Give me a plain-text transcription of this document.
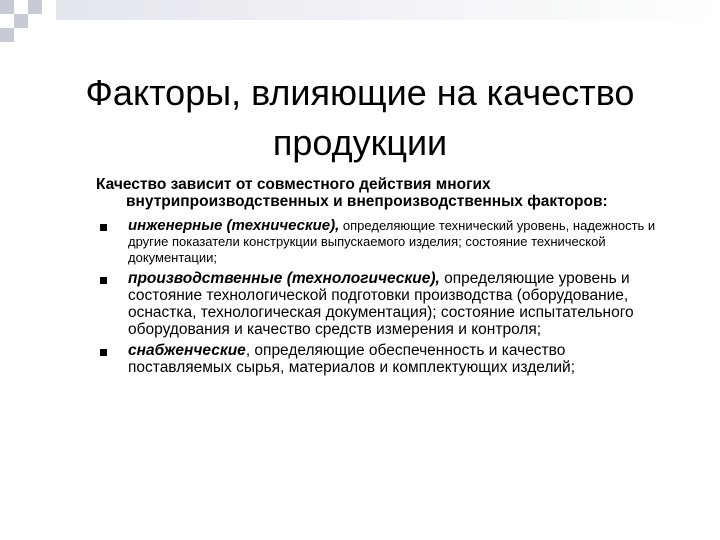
Факторы, влияющие на качество продукции

Качество зависит от совместного действия многих внутрипроизводственных и внепроизводственных факторов:

инженерные (технические), определяющие технический уровень, надежность и другие показатели конструкции выпускаемого изделия; состояние технической документации;
производственные (технологические), определяющие уровень и состояние технологической подготовки производства (оборудование, оснастка, технологическая документация); состояние испытательного оборудования и качество средств измерения и контроля;
снабженческие, определяющие обеспеченность и качество поставляемых сырья, материалов и комплектующих изделий;
